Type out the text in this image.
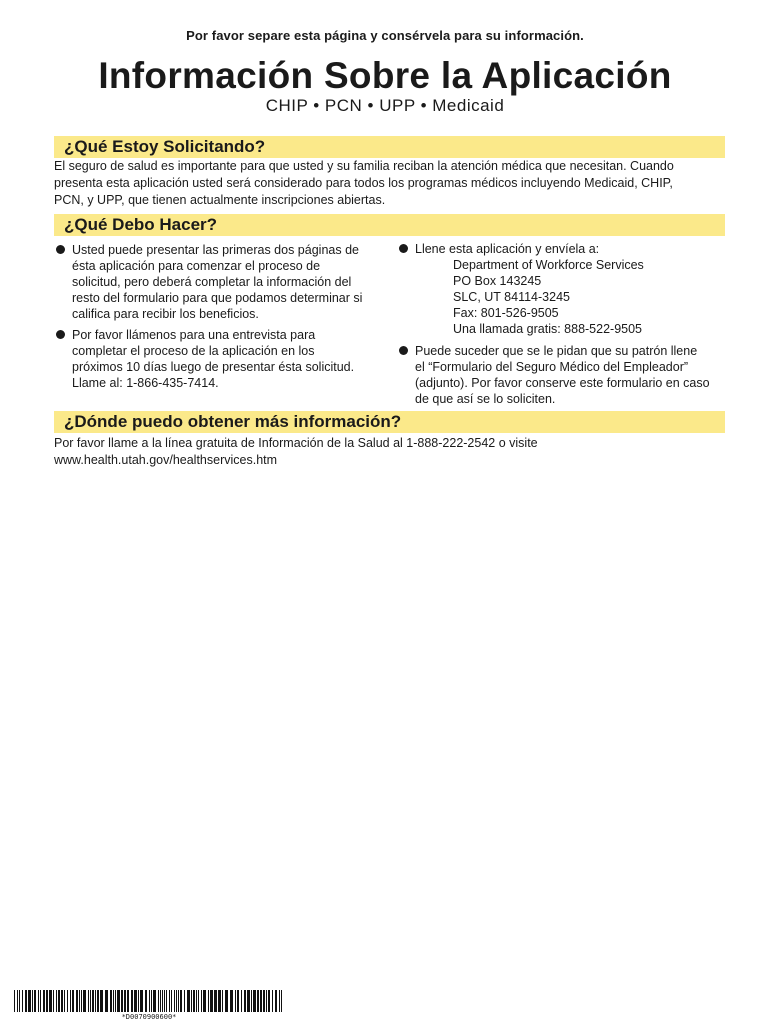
Por favor separe esta página y consérvela para su información.
Información Sobre la Aplicación
CHIP • PCN • UPP • Medicaid
¿Qué Estoy Solicitando?
El seguro de salud es importante para que usted y su familia reciban la atención médica que necesitan. Cuando
presenta esta aplicación usted será considerado para todos los programas médicos incluyendo Medicaid, CHIP,
PCN, y UPP, que tienen actualmente inscripciones abiertas.
¿Qué Debo Hacer?
Usted puede presentar las primeras dos páginas de
ésta aplicación para comenzar el proceso de
solicitud, pero deberá completar la información del
resto del formulario para que podamos determinar si
califica para recibir los beneficios.
Por favor llámenos para una entrevista para
completar el proceso de la aplicación en los
próximos 10 días luego de presentar ésta solicitud.
Llame al: 1-866-435-7414.
Llene esta aplicación y envíela a:
Department of Workforce Services
PO Box 143245
SLC, UT 84114-3245
Fax: 801-526-9505
Una llamada gratis: 888-522-9505
Puede suceder que se le pidan que su patrón llene
el “Formulario del Seguro Médico del Empleador”
(adjunto). Por favor conserve este formulario en caso
de que así se lo soliciten.
¿Dónde puedo obtener más información?
Por favor llame a la línea gratuita de Información de la Salud al 1-888-222-2542 o visite
www.health.utah.gov/healthservices.htm
*D0070900600*
